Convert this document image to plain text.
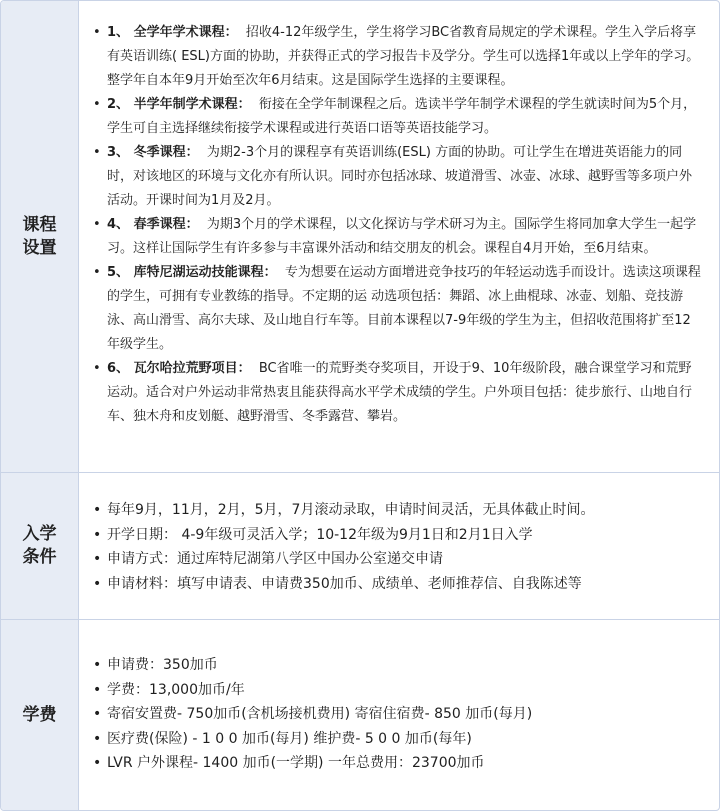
课程
设置
• 1、 全学年学术课程： 招收4-12年级学生，学生将学习BC省教育局规定的学术课程。学生入学后将享有英语训练( ESL)方面的协助，并获得正式的学习报告卡及学分。学生可以选择1年或以上学年的学习。整学年自本年9月开始至次年6月结束。这是国际学生选择的主要课程。
• 2、 半学年制学术课程： 衔接在全学年制课程之后。选读半学年制学术课程的学生就读时间为5个月，学生可自主选择继续衔接学术课程或进行英语口语等英语技能学习。
• 3、 冬季课程： 为期2-3个月的课程享有英语训练(ESL) 方面的协助。可让学生在增进英语能力的同时，对该地区的环境与文化亦有所认识。同时亦包括冰球、坡道滑雪、冰壶、冰球、越野雪等多项户外活动。开课时间为1月及2月。
• 4、 春季课程： 为期3个月的学术课程，以文化探访与学术研习为主。国际学生将同加拿大学生一起学习。这样让国际学生有许多参与丰富课外活动和结交朋友的机会。课程自4月开始，至6月结束。
• 5、 库特尼湖运动技能课程： 专为想要在运动方面增进竞争技巧的年轻运动选手而设计。选读这项课程的学生，可拥有专业教练的指导。不定期的运 动选项包括：舞蹈、冰上曲棍球、冰壶、划船、竞技游泳、高山滑雪、高尔夫球、及山地自行车等。目前本课程以7-9年级的学生为主，但招收范围将扩至12年级学生。
• 6、 瓦尔哈拉荒野项目： BC省唯一的荒野类夺奖项目，开设于9、10年级阶段，融合课堂学习和荒野运动。适合对户外运动非常热衷且能获得高水平学术成绩的学生。户外项目包括：徒步旅行、山地自行车、独木舟和皮划艇、越野滑雪、冬季露营、攀岩。
入学
条件
• 每年9月，11月，2月，5月，7月滚动录取，申请时间灵活，无具体截止时间。
• 开学日期： 4-9年级可灵活入学；10-12年级为9月1日和2月1日入学
• 申请方式：通过库特尼湖第八学区中国办公室递交申请
• 申请材料：填写申请表、申请费350加币、成绩单、老师推荐信、自我陈述等
学费
• 申请费：350加币
• 学费：13,000加币/年
• 寄宿安置费- 750加币(含机场接机费用) 寄宿住宿费- 850 加币(每月)
• 医疗费(保险) - 1 0 0 加币(每月) 维护费- 5 0 0 加币(每年)
• LVR 户外课程- 1400 加币(一学期) 一年总费用：23700加币
